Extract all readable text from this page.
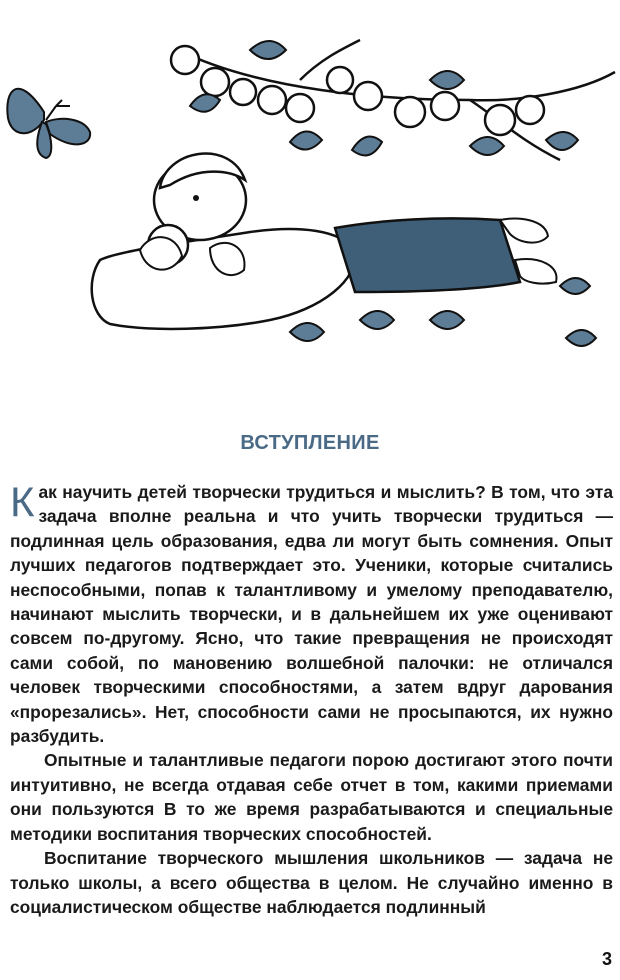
ВСТУПЛЕНИЕ

Как научить детей творчески трудиться и мыслить? В том, что эта задача вполне реальна и что учить творчески трудиться — подлинная цель образования, едва ли могут быть сомнения. Опыт лучших педагогов подтверждает это. Ученики, которые считались неспособными, попав к талантливому и умелому преподавателю, начинают мыслить творчески, и в дальнейшем их уже оценивают совсем по-другому. Ясно, что такие превращения не происходят сами собой, по мановению волшебной палочки: не отличался человек творческими способностями, а затем вдруг дарования «прорезались». Нет, способности сами не просыпаются, их нужно разбудить.

Опытные и талантливые педагоги порою достигают этого почти интуитивно, не всегда отдавая себе отчет в том, какими приемами они пользуются В то же время разрабатываются и специальные методики воспитания творческих способностей.

Воспитание творческого мышления школьников — задача не только школы, а всего общества в целом. Не случайно именно в социалистическом обществе наблюдается подлинный

3
